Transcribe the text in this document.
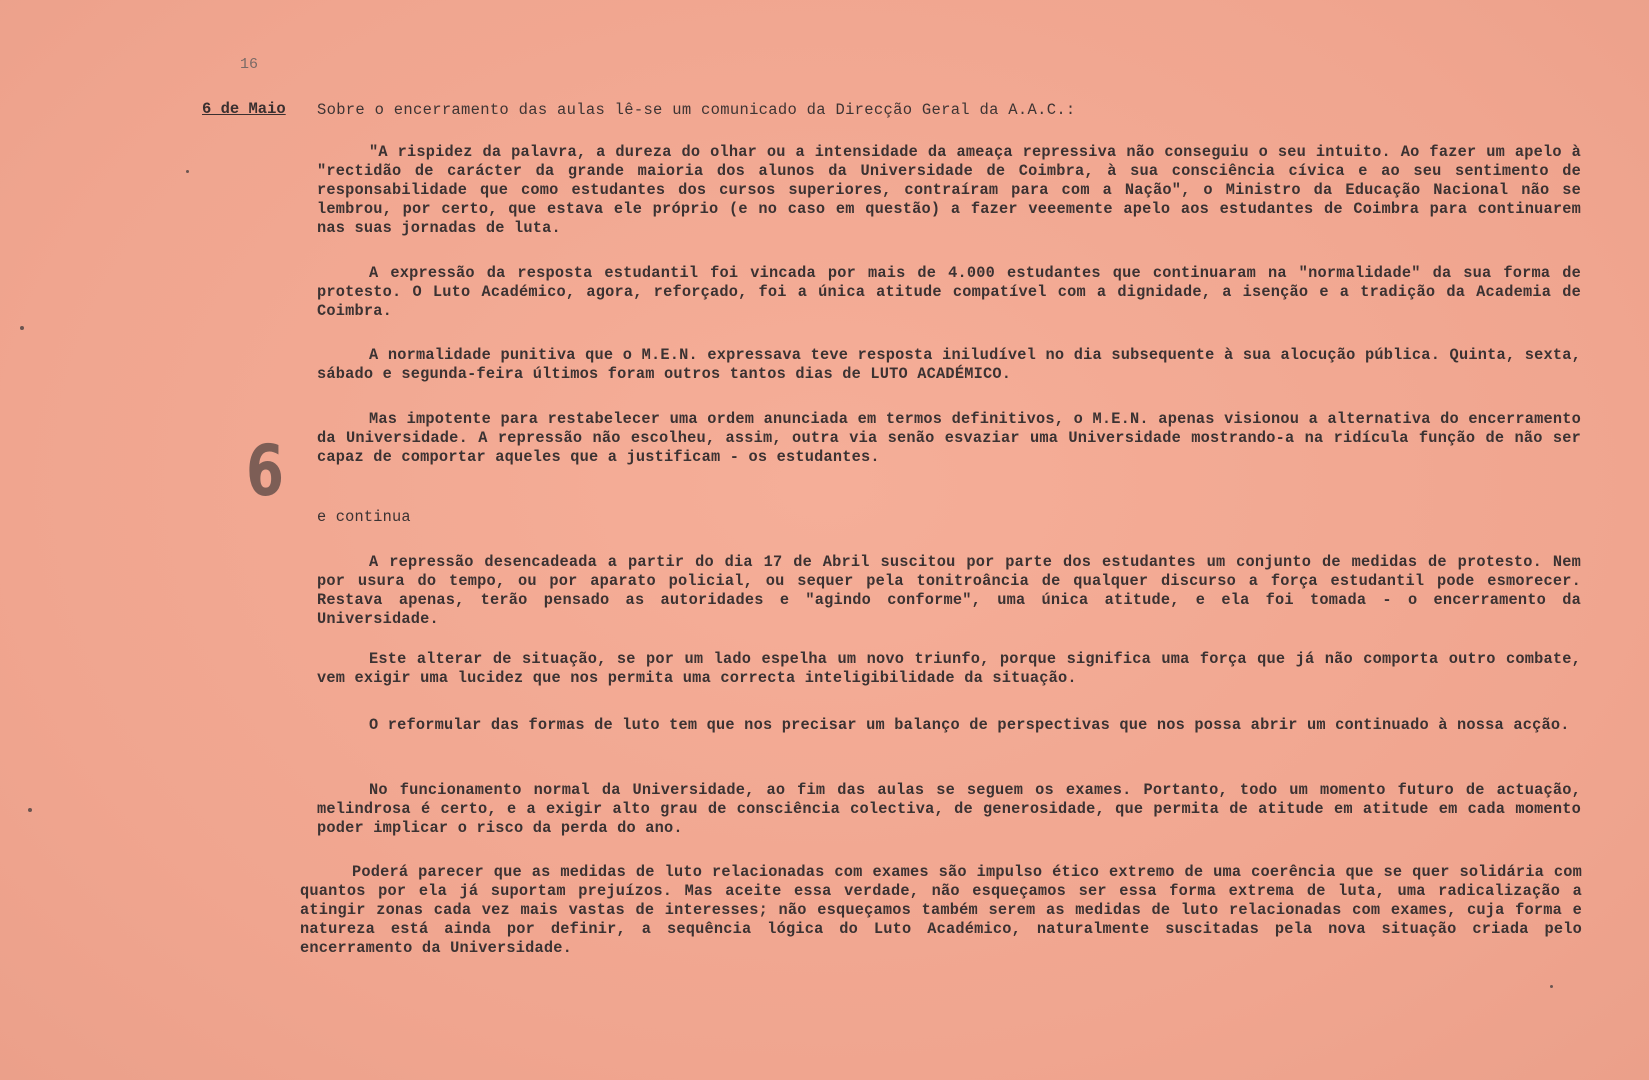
16
6 de Maio Sobre o encerramento das aulas lê-se um comunicado da Direcção Geral da A.A.C.:

"A rispidez da palavra, a dureza do olhar ou a intensidade da ameaça repressiva não conseguiu o seu intuito. Ao fazer um apelo à "rectidão de carácter da grande maioria dos alunos da Universidade de Coimbra, à sua consciência cívica e ao seu sentimento de responsabilidade que como estudantes dos cursos superiores, contraíram para com a Nação", o Ministro da Educação Nacional não se lembrou, por certo, que estava ele próprio (e no caso em questão) a fazer veeemente apelo aos estudantes de Coimbra para continuarem nas suas jornadas de luta.

A expressão da resposta estudantil foi vincada por mais de 4.000 estudantes que continuaram na "normalidade" da sua forma de protesto. O Luto Académico, agora, reforçado, foi a única atitude compatível com a dignidade, a isenção e a tradição da Academia de Coimbra.

A normalidade punitiva que o M.E.N. expressava teve resposta iniludível no dia subsequente à sua alocução pública. Quinta, sexta, sábado e segunda-feira últimos foram outros tantos dias de LUTO ACADÉMICO.

Mas impotente para restabelecer uma ordem anunciada em termos definitivos, o M.E.N. apenas visionou a alternativa do encerramento da Universidade. A repressão não escolheu, assim, outra via senão esvaziar uma Universidade mostrando-a na ridícula função de não ser capaz de comportar aqueles que a justificam - os estudantes.

6

e continua

A repressão desencadeada a partir do dia 17 de Abril suscitou por parte dos estudantes um conjunto de medidas de protesto. Nem por usura do tempo, ou por aparato policial, ou sequer pela tonitroância de qualquer discurso a força estudantil pode esmorecer. Restava apenas, terão pensado as autoridades e "agindo conforme", uma única atitude, e ela foi tomada - o encerramento da Universidade.

Este alterar de situação, se por um lado espelha um novo triunfo, porque significa uma força que já não comporta outro combate, vem exigir uma lucidez que nos permita uma correcta inteligibilidade da situação.

O reformular das formas de luto tem que nos precisar um balanço de perspectivas que nos possa abrir um continuado à nossa acção.

No funcionamento normal da Universidade, ao fim das aulas se seguem os exames. Portanto, todo um momento futuro de actuação, melindrosa é certo, e a exigir alto grau de consciência colectiva, de generosidade, que permita de atitude em atitude em cada momento poder implicar o risco da perda do ano.

Poderá parecer que as medidas de luto relacionadas com exames são impulso ético extremo de uma coerência que se quer solidária com quantos por ela já suportam prejuízos. Mas aceite essa verdade, não esqueçamos ser essa forma extrema de luta, uma radicalização a atingir zonas cada vez mais vastas de interesses; não esqueçamos também serem as medidas de luto relacionadas com exames, cuja forma e natureza está ainda por definir, a sequência lógica do Luto Académico, naturalmente suscitadas pela nova situação criada pelo encerramento da Universidade.
